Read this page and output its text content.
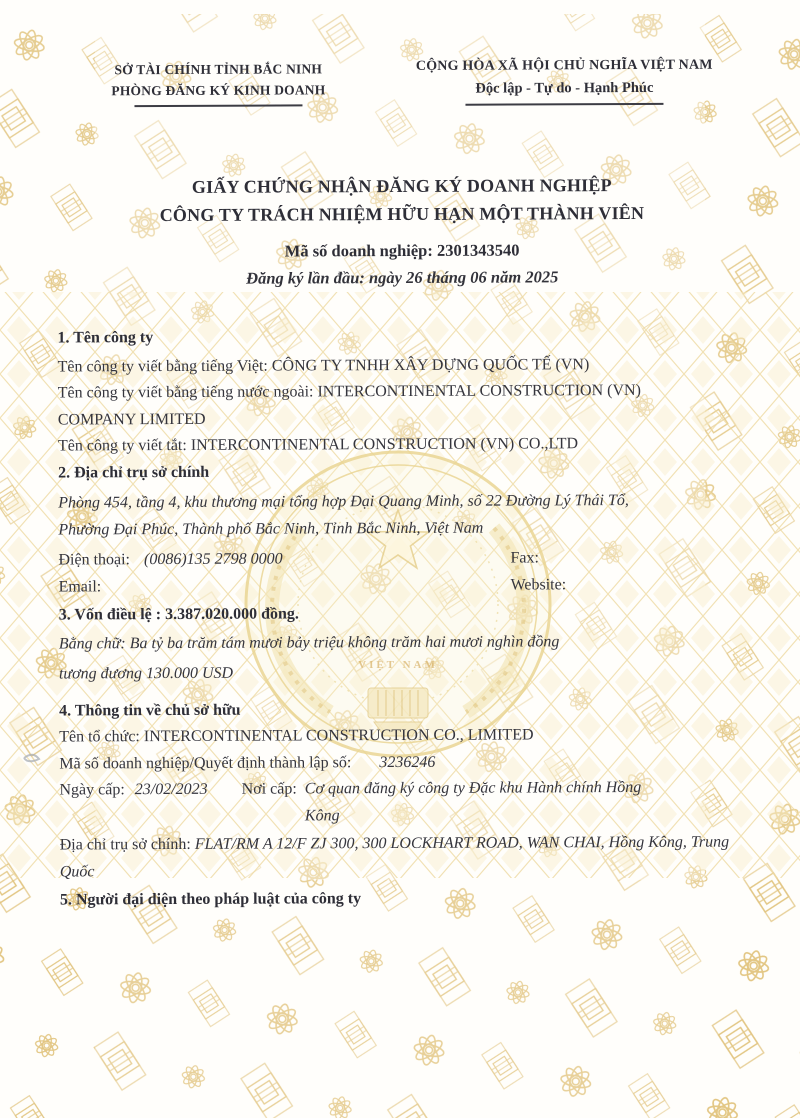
VIỆT NAM
SỞ TÀI CHÍNH TỈNH BẮC NINH
PHÒNG ĐĂNG KÝ KINH DOANH
CỘNG HÒA XÃ HỘI CHỦ NGHĨA VIỆT NAM
Độc lập - Tự do - Hạnh Phúc
GIẤY CHỨNG NHẬN ĐĂNG KÝ DOANH NGHIỆP
CÔNG TY TRÁCH NHIỆM HỮU HẠN MỘT THÀNH VIÊN
Mã số doanh nghiệp: 2301343540
Đăng ký lần đầu: ngày 26 tháng 06 năm 2025
1. Tên công ty

Tên công ty viết bằng tiếng Việt: CÔNG TY TNHH XÂY DỰNG QUỐC TẾ (VN)

Tên công ty viết bằng tiếng nước ngoài: INTERCONTINENTAL CONSTRUCTION (VN) COMPANY LIMITED

Tên công ty viết tắt: INTERCONTINENTAL CONSTRUCTION (VN) CO.,LTD

2. Địa chỉ trụ sở chính

Phòng 454, tầng 4, khu thương mại tổng hợp Đại Quang Minh, số 22 Đường Lý Thái Tổ, Phường Đại Phúc, Thành phố Bắc Ninh, Tỉnh Bắc Ninh, Việt Nam

Điện thoại: (0086)135 2798 0000	Fax:
Email:	Website:
3. Vốn điều lệ : 3.387.020.000 đồng.

Bằng chữ: Ba tỷ ba trăm tám mươi bảy triệu không trăm hai mươi nghìn đồng

tương đương 130.000 USD

4. Thông tin về chủ sở hữu

Tên tổ chức: INTERCONTINENTAL CONSTRUCTION CO., LIMITED

Mã số doanh nghiệp/Quyết định thành lập số: 3236246

Ngày cấp: 23/02/2023 Nơi cấp: Cơ quan đăng ký công ty Đặc khu Hành chính Hồng Kông

Địa chỉ trụ sở chính: FLAT/RM A 12/F ZJ 300, 300 LOCKHART ROAD, WAN CHAI, Hồng Kông, Trung Quốc

5. Người đại diện theo pháp luật của công ty
